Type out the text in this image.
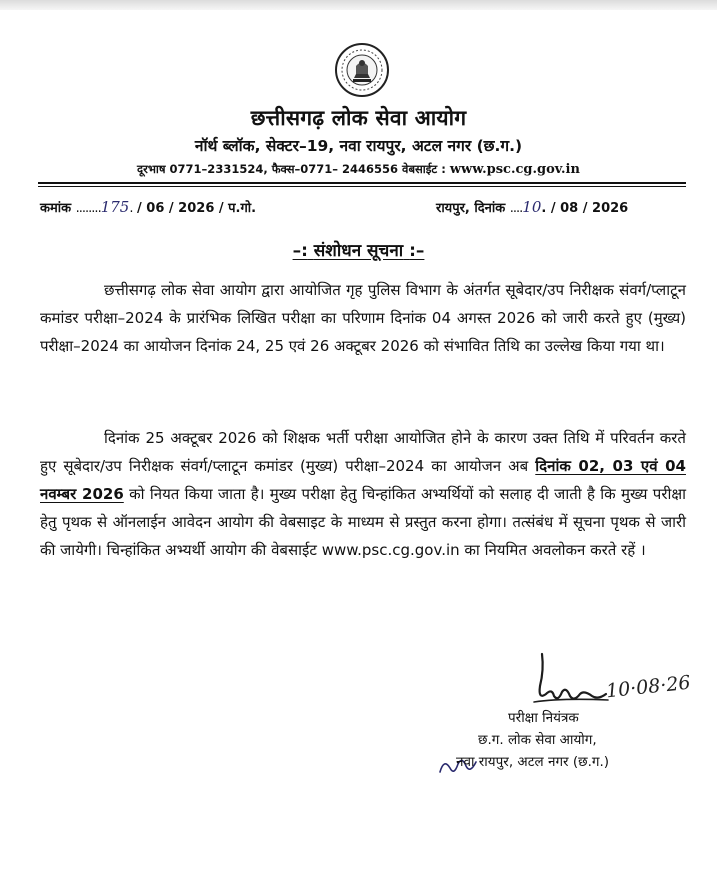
छत्तीसगढ़ लोक सेवा आयोग
नॉर्थ ब्लॉक, सेक्टर–19, नवा रायपुर, अटल नगर (छ.ग.)
दूरभाष 0771–2331524, फैक्स–0771– 2446556 वेबसाईट : www.psc.cg.gov.in
कमांक ........175. / 06 / 2026 / प.गो.	रायपुर, दिनांक ....10. / 08 / 2026
–: संशोधन सूचना :–
छत्तीसगढ़ लोक सेवा आयोग द्वारा आयोजित गृह पुलिस विभाग के अंतर्गत सूबेदार/उप निरीक्षक संवर्ग/प्लाटून कमांडर परीक्षा–2024 के प्रारंभिक लिखित परीक्षा का परिणाम दिनांक 04 अगस्त 2026 को जारी करते हुए (मुख्य) परीक्षा–2024 का आयोजन दिनांक 24, 25 एवं 26 अक्टूबर 2026 को संभावित तिथि का उल्लेख किया गया था।
दिनांक 25 अक्टूबर 2026 को शिक्षक भर्ती परीक्षा आयोजित होने के कारण उक्त तिथि में परिवर्तन करते हुए सूबेदार/उप निरीक्षक संवर्ग/प्लाटून कमांडर (मुख्य) परीक्षा–2024 का आयोजन अब दिनांक 02, 03 एवं 04 नवम्बर 2026 को नियत किया जाता है। मुख्य परीक्षा हेतु चिन्हांकित अभ्यर्थियों को सलाह दी जाती है कि मुख्य परीक्षा हेतु पृथक से ऑनलाईन आवेदन आयोग की वेबसाइट के माध्यम से प्रस्तुत करना होगा। तत्संबंध में सूचना पृथक से जारी की जायेगी। चिन्हांकित अभ्यर्थी आयोग की वेबसाईट www.psc.cg.gov.in का नियमित अवलोकन करते रहें ।
10·08·26
परीक्षा नियंत्रक
छ.ग. लोक सेवा आयोग,
नवा रायपुर, अटल नगर (छ.ग.)
